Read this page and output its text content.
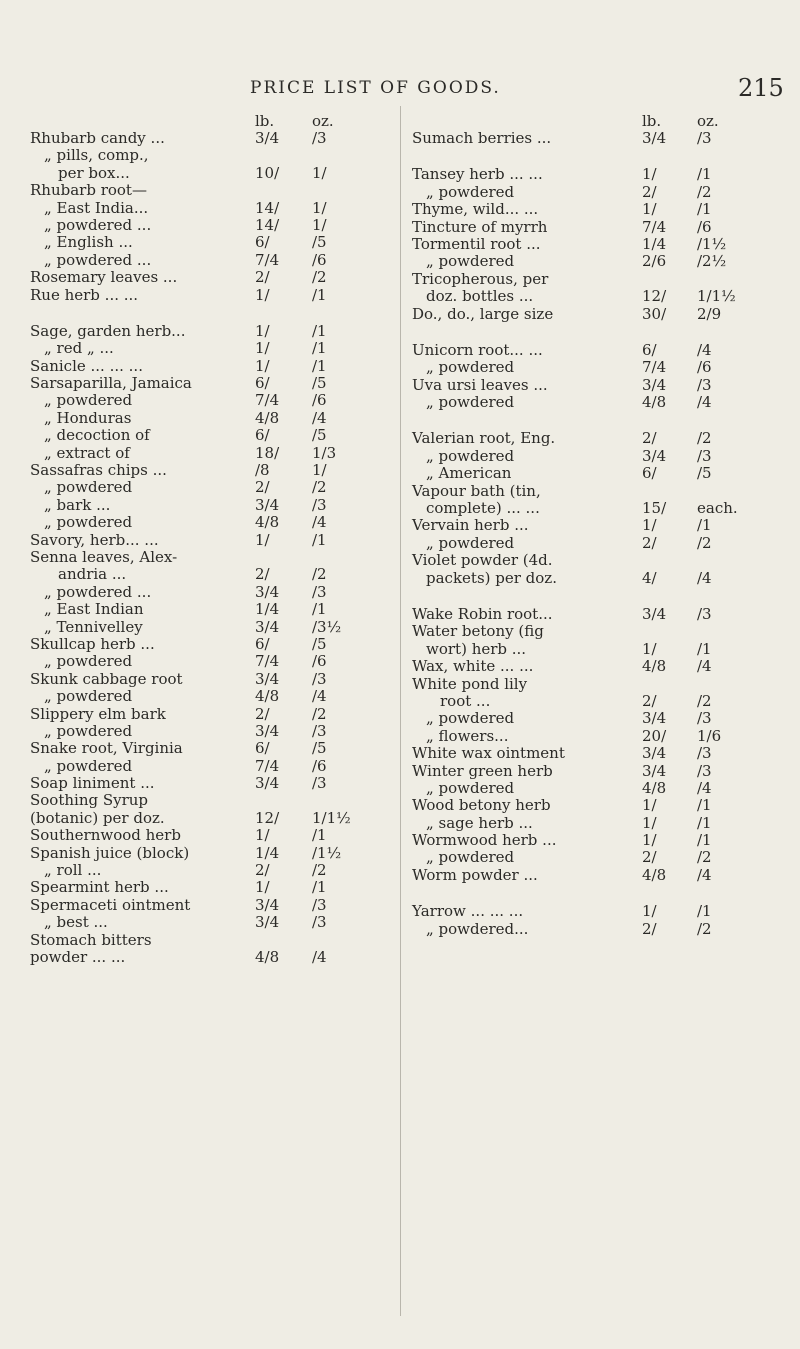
PRICE LIST OF GOODS.	215
lb.	oz.
Rhubarb candy ...	3/4 /3
„ pills, comp.,
per box...	10/ 1/
Rhubarb root—
„ East India...	14/ 1/
„ powdered ...	14/ 1/
„ English ...	6/	/5
„ powdered ...	7/4 /6
Rosemary leaves ...	2/	/2
Rue herb ... ...	1/	/1
Sage, garden herb...	1/	/1
„ red „ ...	1/	/1
Sanicle ... ... ...	1/	/1
Sarsaparilla, Jamaica	6/	/5
„ powdered	7/4 /6
„ Honduras	4/8 /4
„ decoction of	6/	/5
„ extract of	18/ 1/3
Sassafras chips ...	/8	1/
„ powdered	2/	/2
„ bark ...	3/4 /3
„ powdered	4/8 /4
Savory, herb... ...	1/	/1
Senna leaves, Alex-
andria ...	2/	/2
„ powdered ...	3/4 /3
„ East Indian	1/4 /1
„ Tennivelley	3/4 /3½
Skullcap herb ...	6/	/5
„ powdered	7/4 /6
Skunk cabbage root	3/4 /3
„ powdered	4/8 /4
Slippery elm bark	2/	/2
„ powdered	3/4 /3
Snake root, Virginia	6/	/5
„ powdered	7/4 /6
Soap liniment ...	3/4 /3
Soothing Syrup
(botanic) per doz.	12/ 1/1½
Southernwood herb	1/	/1
Spanish juice (block)	1/4 /1½
„ roll ...	2/	/2
Spearmint herb ...	1/	/1
Spermaceti ointment	3/4 /3
„ best ...	3/4 /3
Stomach bitters
powder ... ...	4/8 /4
lb. oz.
Sumach berries ...	3/4 /3
Tansey herb ... ...	1/	/1
„ powdered	2/	/2
Thyme, wild... ...	1/	/1
Tincture of myrrh	7/4 /6
Tormentil root ...	1/4 /1½
„ powdered	2/6 /2½
Tricopherous, per
doz. bottles ...	12/ 1/1½
Do., do., large size	30/ 2/9
Unicorn root... ...	6/	/4
„ powdered	7/4 /6
Uva ursi leaves ...	3/4 /3
„ powdered	4/8 /4
Valerian root, Eng.	2/	/2
„ powdered	3/4 /3
„ American	6/	/5
Vapour bath (tin,
complete) ... ...	15/ each.
Vervain herb ...	1/	/1
„ powdered	2/	/2
Violet powder (4d.
packets) per doz.	4/	/4
Wake Robin root...	3/4 /3
Water betony (fig
wort) herb ...	1/	/1
Wax, white ... ...	4/8 /4
White pond lily
root ...	2/	/2
„ powdered	3/4 /3
„ flowers...	20/ 1/6
White wax ointment	3/4 /3
Winter green herb	3/4 /3
„ powdered	4/8 /4
Wood betony herb	1/	/1
„ sage herb ...	1/	/1
Wormwood herb ...	1/	/1
„ powdered	2/	/2
Worm powder ...	4/8 /4
Yarrow ... ... ...	1/	/1
„ powdered...	2/	/2
